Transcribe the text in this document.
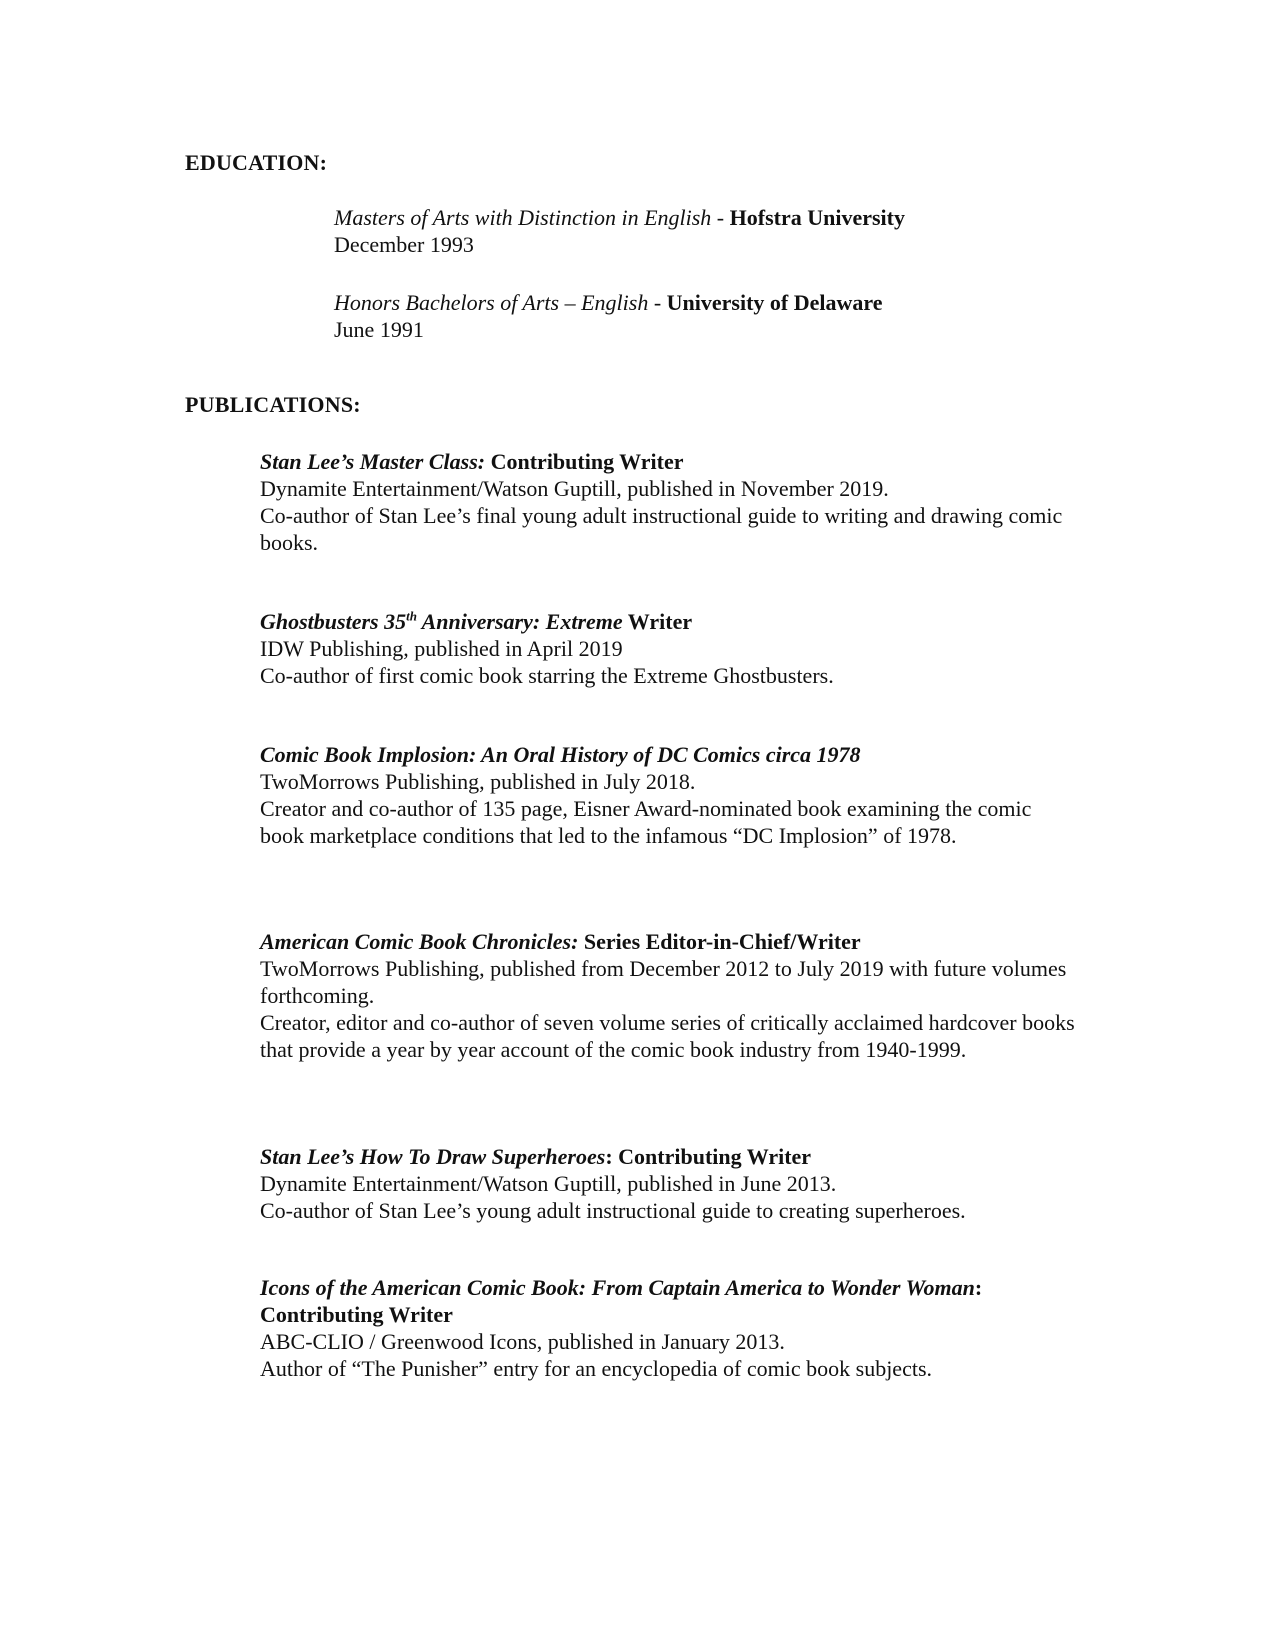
EDUCATION:
Masters of Arts with Distinction in English - Hofstra University
December 1993
Honors Bachelors of Arts – English - University of Delaware
June 1991
PUBLICATIONS:
Stan Lee’s Master Class: Contributing Writer
Dynamite Entertainment/Watson Guptill, published in November 2019.
Co-author of Stan Lee’s final young adult instructional guide to writing and drawing comic books.
Ghostbusters 35th Anniversary: Extreme Writer
IDW Publishing, published in April 2019
Co-author of first comic book starring the Extreme Ghostbusters.
Comic Book Implosion: An Oral History of DC Comics circa 1978
TwoMorrows Publishing, published in July 2018.
Creator and co-author of 135 page, Eisner Award-nominated book examining the comic book marketplace conditions that led to the infamous “DC Implosion” of 1978.
American Comic Book Chronicles: Series Editor-in-Chief/Writer
TwoMorrows Publishing, published from December 2012 to July 2019 with future volumes forthcoming.
Creator, editor and co-author of seven volume series of critically acclaimed hardcover books that provide a year by year account of the comic book industry from 1940-1999.
Stan Lee’s How To Draw Superheroes: Contributing Writer
Dynamite Entertainment/Watson Guptill, published in June 2013.
Co-author of Stan Lee’s young adult instructional guide to creating superheroes.
Icons of the American Comic Book: From Captain America to Wonder Woman: Contributing Writer
ABC-CLIO / Greenwood Icons, published in January 2013.
Author of “The Punisher” entry for an encyclopedia of comic book subjects.
